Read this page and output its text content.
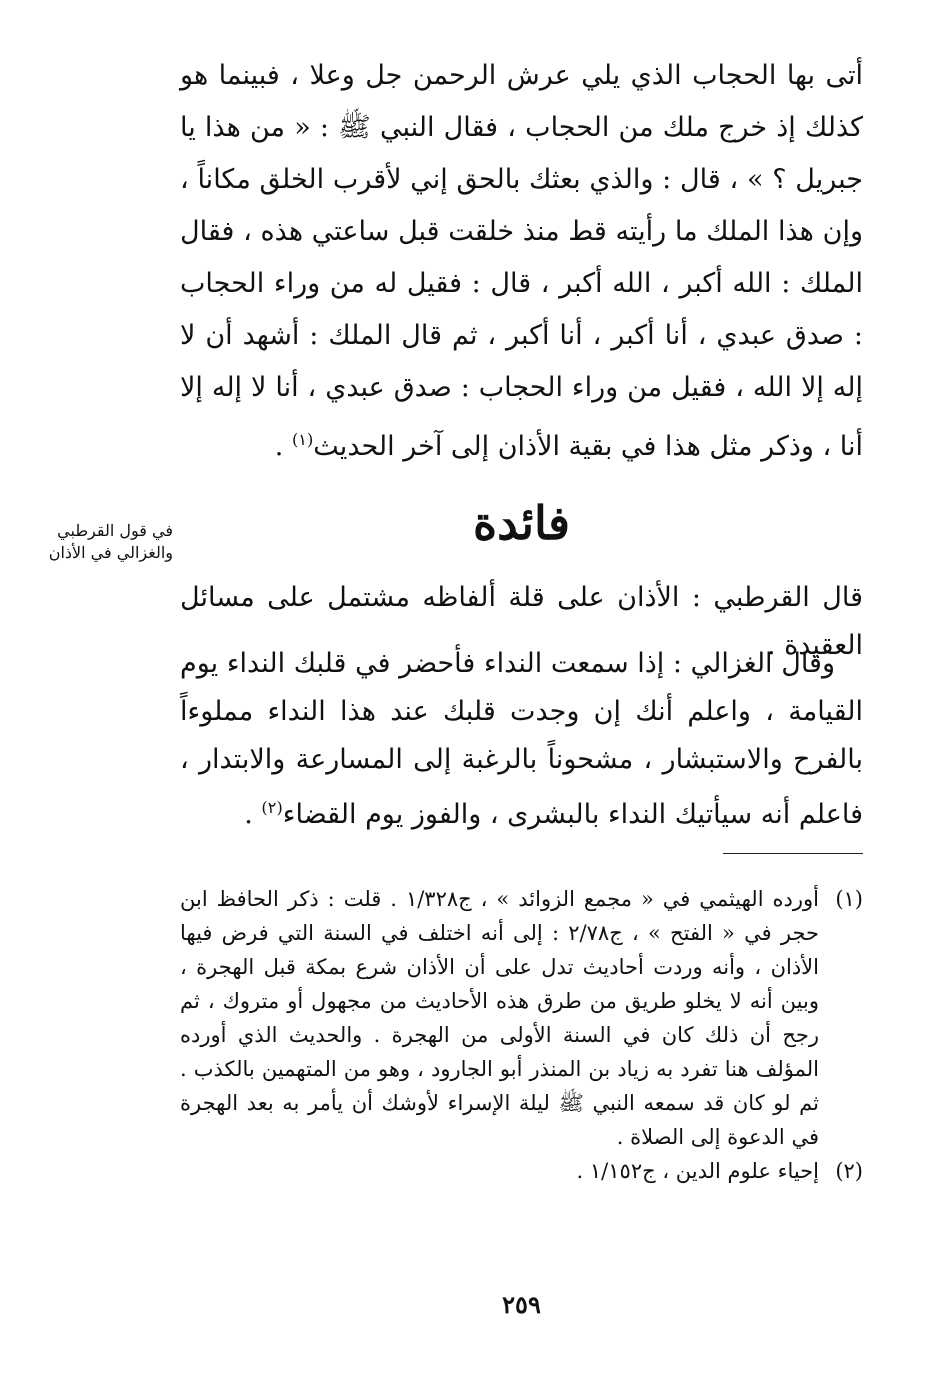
أتى بها الحجاب الذي يلي عرش الرحمن جل وعلا ، فبينما هو كذلك إذ خرج ملك من الحجاب ، فقال النبي ﷺ : « من هذا يا جبريل ؟ » ، قال : والذي بعثك بالحق إني لأقرب الخلق مكاناً ، وإن هذا الملك ما رأيته قط منذ خلقت قبل ساعتي هذه ، فقال الملك : الله أكبر ، الله أكبر ، قال : فقيل له من وراء الحجاب : صدق عبدي ، أنا أكبر ، أنا أكبر ، ثم قال الملك : أشهد أن لا إله إلا الله ، فقيل من وراء الحجاب : صدق عبدي ، أنا لا إله إلا أنا ، وذكر مثل هذا في بقية الأذان إلى آخر الحديث$^{(١)}$ .

فائدة
في قول القرطبي والغزالي في الأذان

قال القرطبي : الأذان على قلة ألفاظه مشتمل على مسائل العقيدة .

وقال الغزالي : إذا سمعت النداء فأحضر في قلبك النداء يوم القيامة ، واعلم أنك إن وجدت قلبك عند هذا النداء مملوءاً بالفرح والاستبشار ، مشحوناً بالرغبة إلى المسارعة والابتدار ، فاعلم أنه سيأتيك النداء بالبشرى ، والفوز يوم القضاء$^{(٢)}$ .

(١)
أورده الهيثمي في « مجمع الزوائد » ، ج١/٣٢٨ . قلت : ذكر الحافظ ابن حجر في « الفتح » ، ج٢/٧٨ : إلى أنه اختلف في السنة التي فرض فيها الأذان ، وأنه وردت أحاديث تدل على أن الأذان شرع بمكة قبل الهجرة ، وبين أنه لا يخلو طريق من طرق هذه الأحاديث من مجهول أو متروك ، ثم رجح أن ذلك كان في السنة الأولى من الهجرة . والحديث الذي أورده المؤلف هنا تفرد به زياد بن المنذر أبو الجارود ، وهو من المتهمين بالكذب . ثم لو كان قد سمعه النبي ﷺ ليلة الإسراء لأوشك أن يأمر به بعد الهجرة في الدعوة إلى الصلاة .
(٢)
إحياء علوم الدين ، ج١/١٥٢ .
٢٥٩
